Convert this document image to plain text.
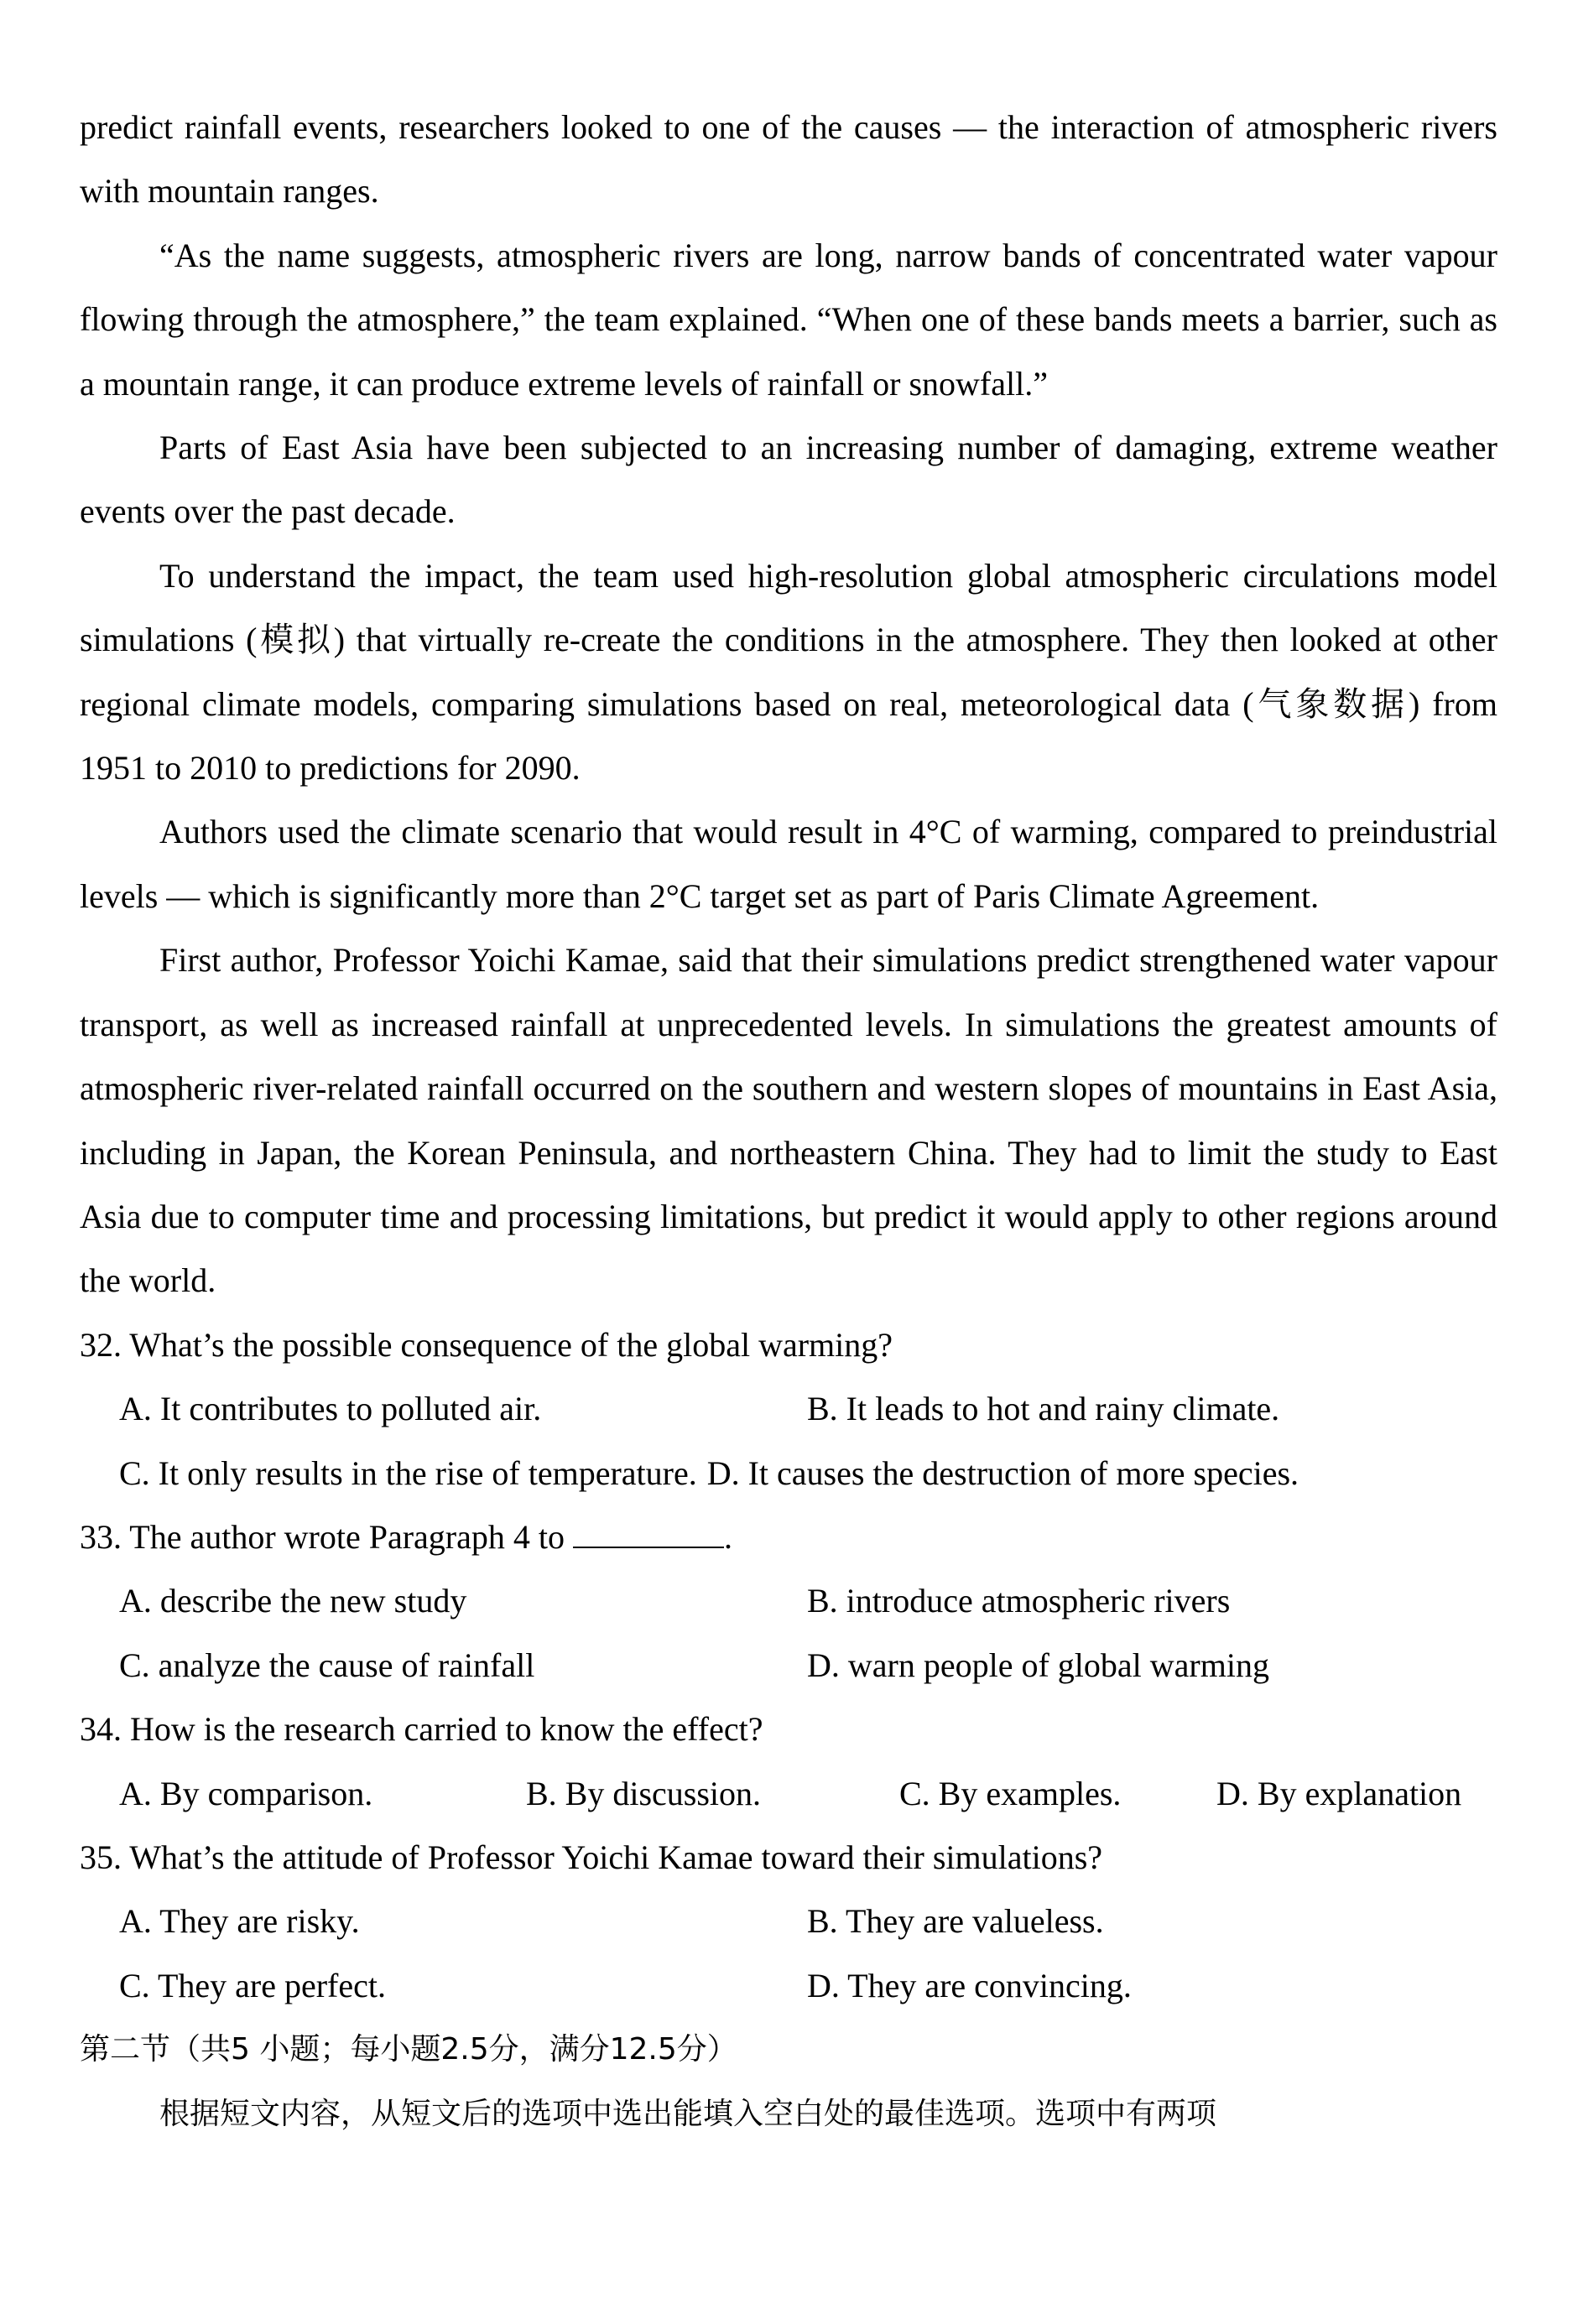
predict rainfall events, researchers looked to one of the causes — the interaction of atmospheric rivers with mountain ranges.

“As the name suggests, atmospheric rivers are long, narrow bands of concentrated water vapour flowing through the atmosphere,” the team explained. “When one of these bands meets a barrier, such as a mountain range, it can produce extreme levels of rainfall or snowfall.”

Parts of East Asia have been subjected to an increasing number of damaging, extreme weather events over the past decade.

To understand the impact, the team used high-resolution global atmospheric circulations model simulations (模拟) that virtually re-create the conditions in the atmosphere. They then looked at other regional climate models, comparing simulations based on real, meteorological data (气象数据) from 1951 to 2010 to predictions for 2090.

Authors used the climate scenario that would result in 4°C of warming, compared to preindustrial levels — which is significantly more than 2°C target set as part of Paris Climate Agreement.

First author, Professor Yoichi Kamae, said that their simulations predict strengthened water vapour transport, as well as increased rainfall at unprecedented levels. In simulations the greatest amounts of atmospheric river-related rainfall occurred on the southern and western slopes of mountains in East Asia, including in Japan, the Korean Peninsula, and northeastern China. They had to limit the study to East Asia due to computer time and processing limitations, but predict it would apply to other regions around the world.

32. What’s the possible consequence of the global warming?

A. It contributes to polluted air.	B. It leads to hot and rainy climate.
C. It only results in the rise of temperature. D. It causes the destruction of more species.

33. The author wrote Paragraph 4 to	.

A. describe the new study	B. introduce atmospheric rivers
C. analyze the cause of rainfall	D. warn people of global warming

34. How is the research carried to know the effect?

A. By comparison.	B. By discussion.	C. By examples.	D. By explanation

35. What’s the attitude of Professor Yoichi Kamae toward their simulations?

A. They are risky.	B. They are valueless.
C. They are perfect.	D. They are convincing.

第二节（共5 小题；每小题2.5分，满分12.5分）

根据短文内容，从短文后的选项中选出能填入空白处的最佳选项。选项中有两项
